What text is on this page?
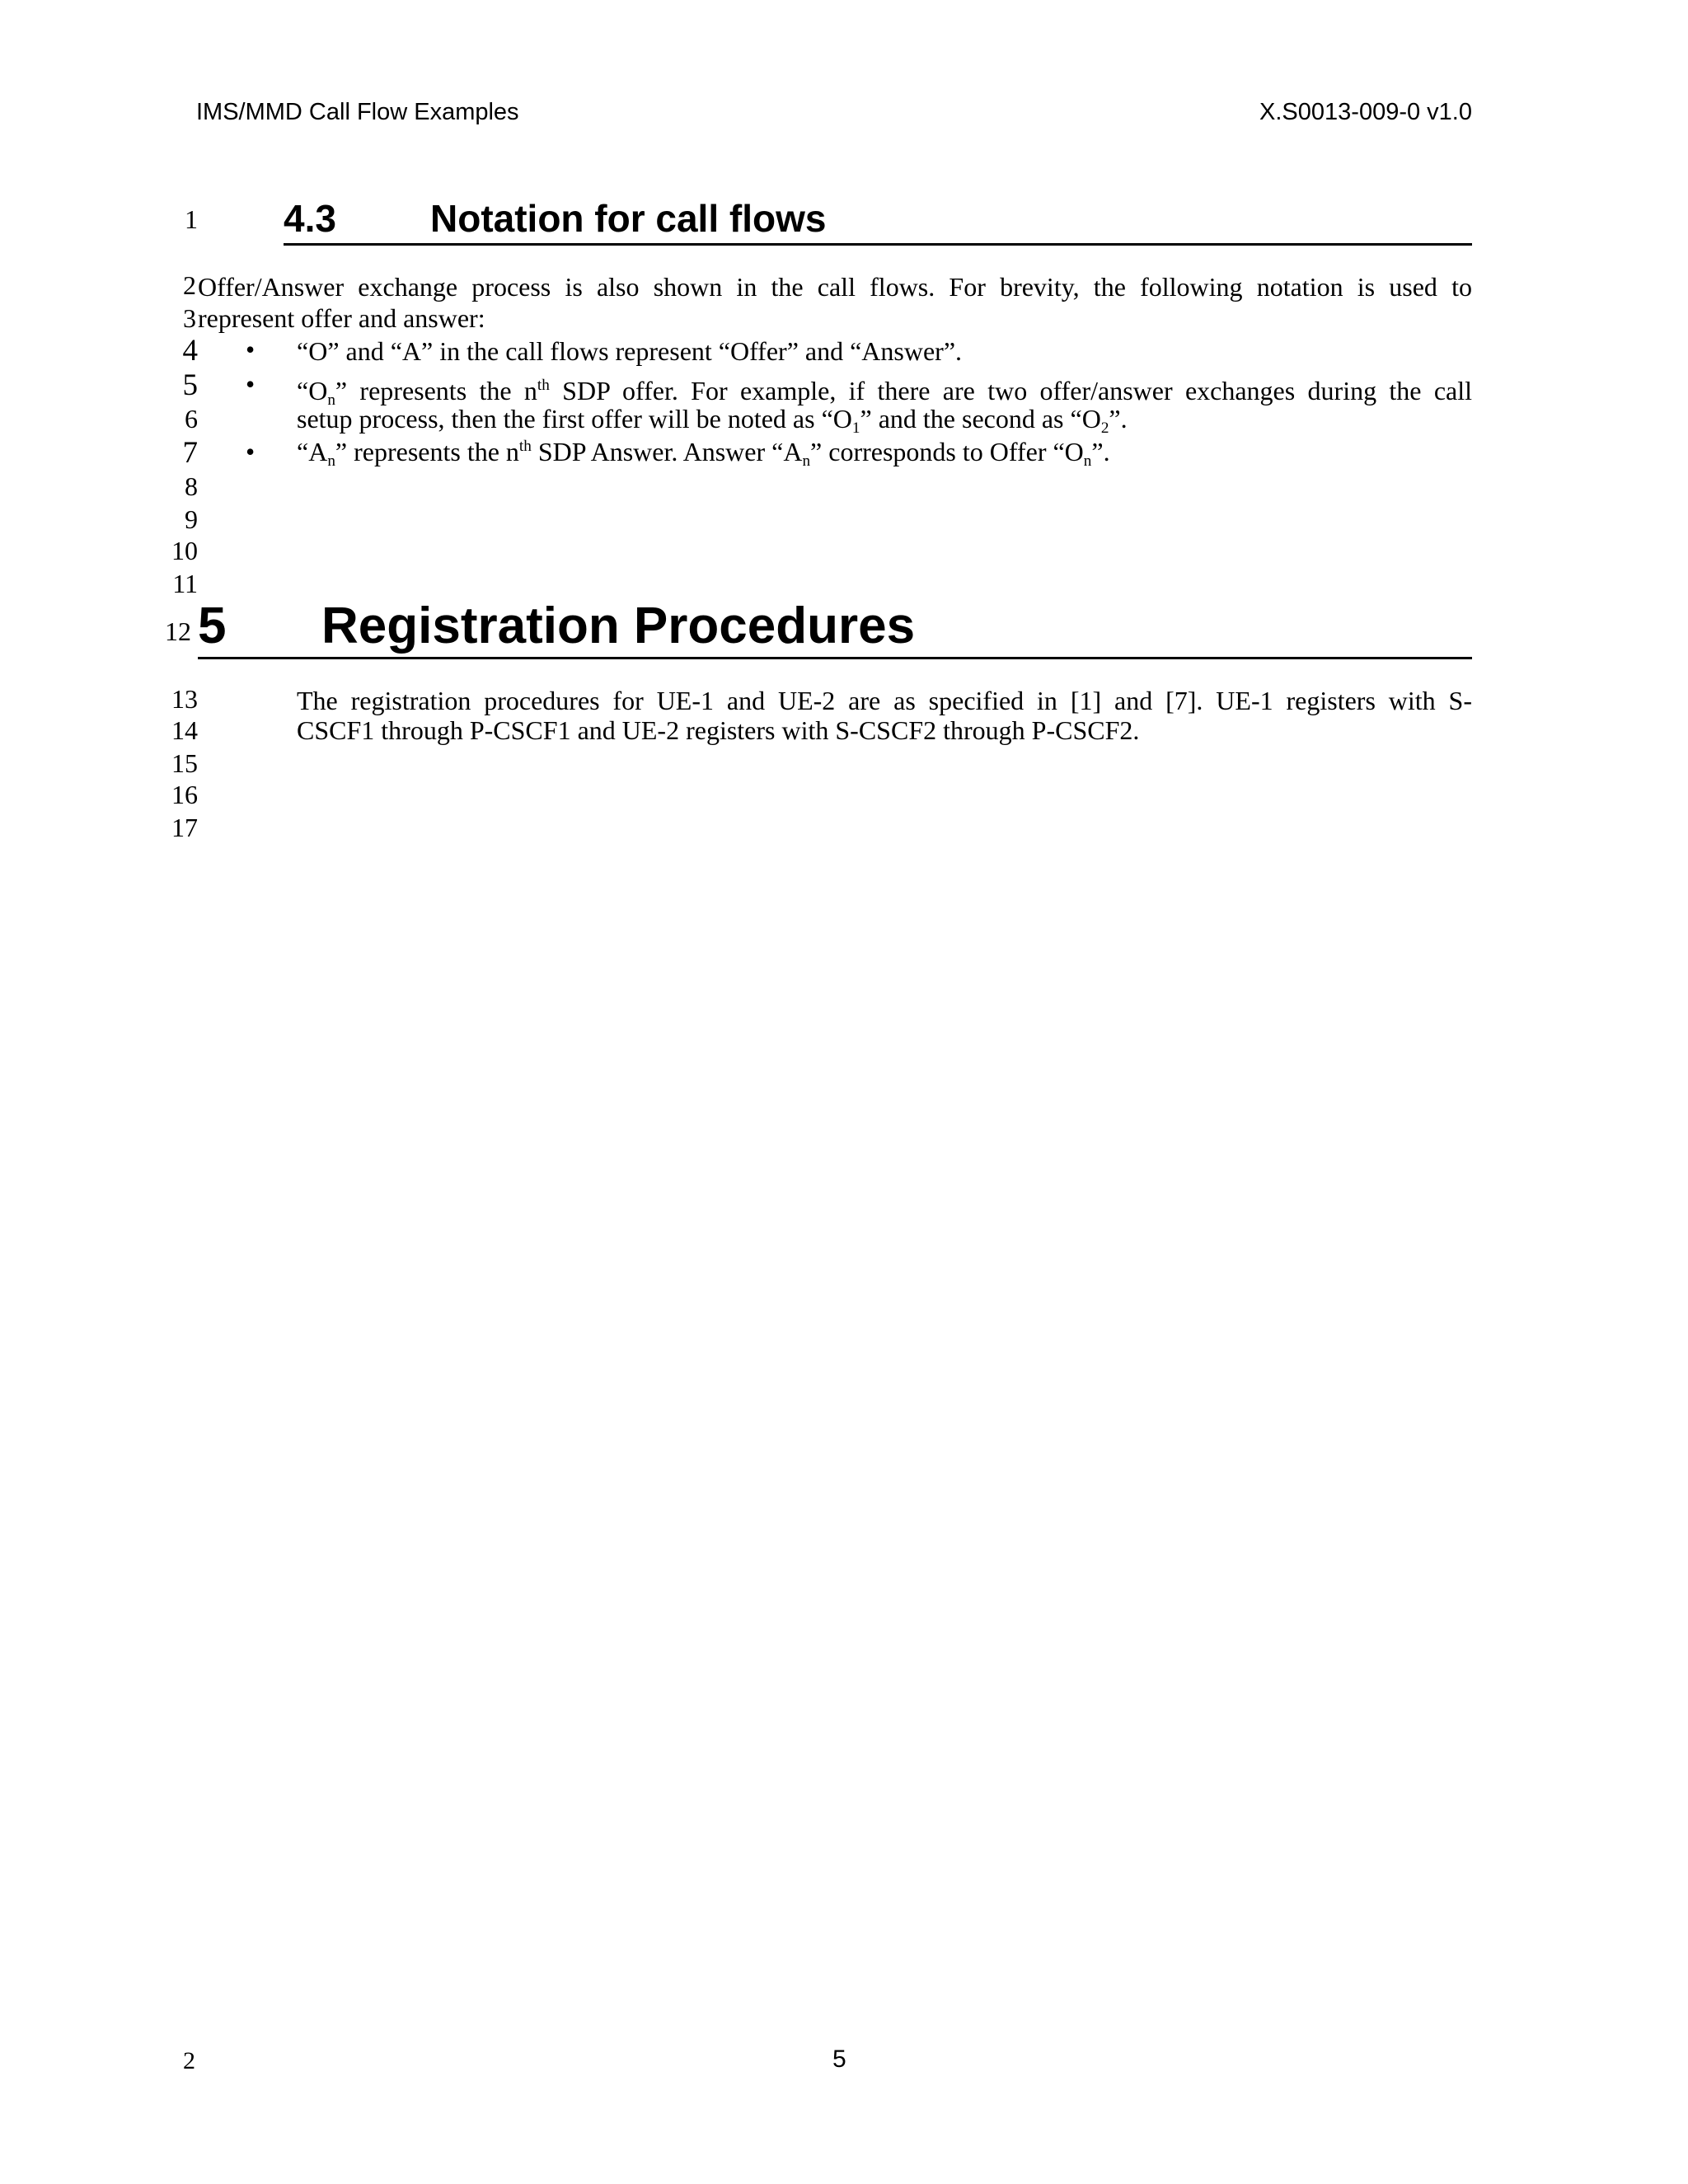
IMS/MMD Call Flow Examples	X.S0013-009-0 v1.0
1 4.3 Notation for call flows
2 Offer/Answer exchange process is also shown in the call flows. For brevity, the following notation is used to
3 represent offer and answer:
4 • “O” and “A” in the call flows represent “Offer” and “Answer”.
5 • “$O_n$” represents the $n^{th}$ SDP offer. For example, if there are two offer/answer exchanges during the call
6	setup process, then the first offer will be noted as “$O_1$” and the second as “$O_2$”.
7 • “$A_n$” represents the $n^{th}$ SDP Answer. Answer “$A_n$” corresponds to Offer “$O_n$”.
8
9
10
11
12 5 Registration Procedures
13	The registration procedures for UE-1 and UE-2 are as specified in [1] and [7]. UE-1 registers with S-
14	CSCF1 through P-CSCF1 and UE-2 registers with S-CSCF2 through P-CSCF2.
15
16
17
2	5
